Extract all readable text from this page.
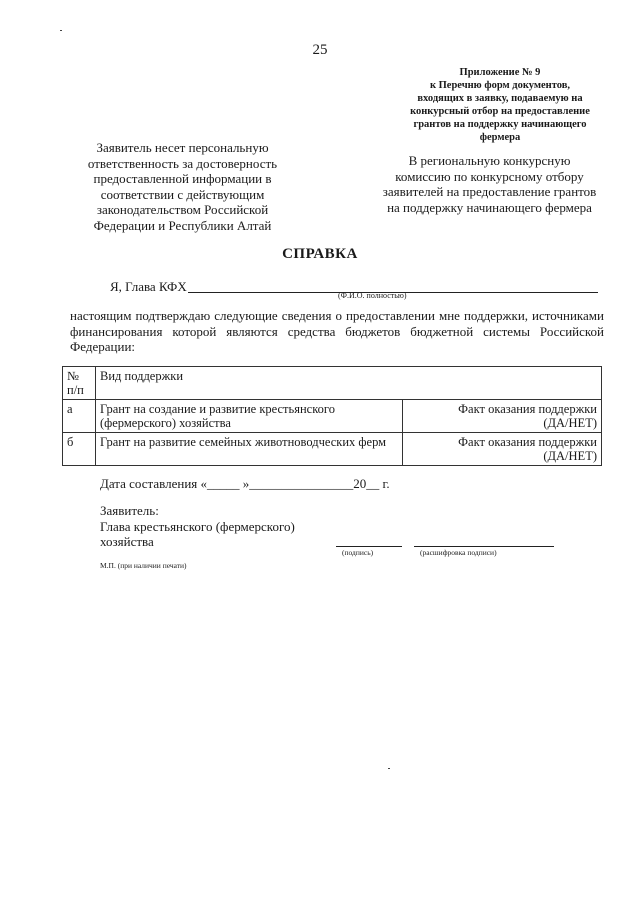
25
Приложение № 9
к Перечню форм документов,
входящих в заявку, подаваемую на
конкурсный отбор на предоставление
грантов на поддержку начинающего
фермера
Заявитель несет персональную
ответственность за достоверность
предоставленной информации в
соответствии с действующим
законодательством Российской
Федерации и Республики Алтай
В региональную конкурсную
комиссию по конкурсному отбору
заявителей на предоставление грантов
на поддержку начинающего фермера
СПРАВКА
Я, Глава КФХ
(Ф.И.О. полностью)
настоящим подтверждаю следующие сведения о предоставлении мне поддержки, источниками финансирования которой являются средства бюджетов бюджетной системы Российской Федерации:
№ п/п	Вид поддержки	
а	Грант на создание и развитие крестьянского (фермерского) хозяйства	Факт оказания поддержки
(ДА/НЕТ)

б	Грант на развитие семейных животноводческих ферм	Факт оказания поддержки
(ДА/НЕТ)
Дата составления «_____ »________________20__ г.
Заявитель:
Глава крестьянского (фермерского)
хозяйства
(подпись)	(расшифровка подписи)
М.П. (при наличии печати)
